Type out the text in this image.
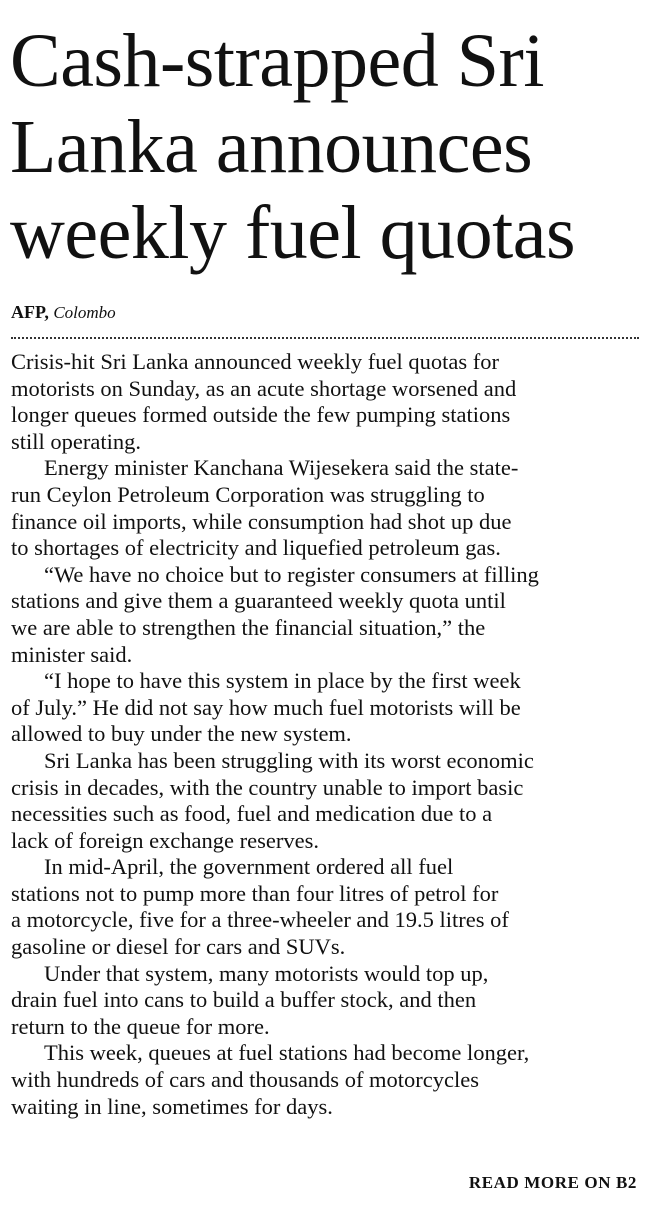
Cash-strapped Sri
Lanka announces
weekly fuel quotas
AFP, Colombo

Crisis-hit Sri Lanka announced weekly fuel quotas for
motorists on Sunday, as an acute shortage worsened and
longer queues formed outside the few pumping stations
still operating.

Energy minister Kanchana Wijesekera said the state-
run Ceylon Petroleum Corporation was struggling to
finance oil imports, while consumption had shot up due
to shortages of electricity and liquefied petroleum gas.

“We have no choice but to register consumers at filling
stations and give them a guaranteed weekly quota until
we are able to strengthen the financial situation,” the
minister said.

“I hope to have this system in place by the first week
of July.” He did not say how much fuel motorists will be
allowed to buy under the new system.

Sri Lanka has been struggling with its worst economic
crisis in decades, with the country unable to import basic
necessities such as food, fuel and medication due to a
lack of foreign exchange reserves.

In mid-April, the government ordered all fuel
stations not to pump more than four litres of petrol for
a motorcycle, five for a three-wheeler and 19.5 litres of
gasoline or diesel for cars and SUVs.

Under that system, many motorists would top up,
drain fuel into cans to build a buffer stock, and then
return to the queue for more.

This week, queues at fuel stations had become longer,
with hundreds of cars and thousands of motorcycles
waiting in line, sometimes for days.

READ MORE ON B2
